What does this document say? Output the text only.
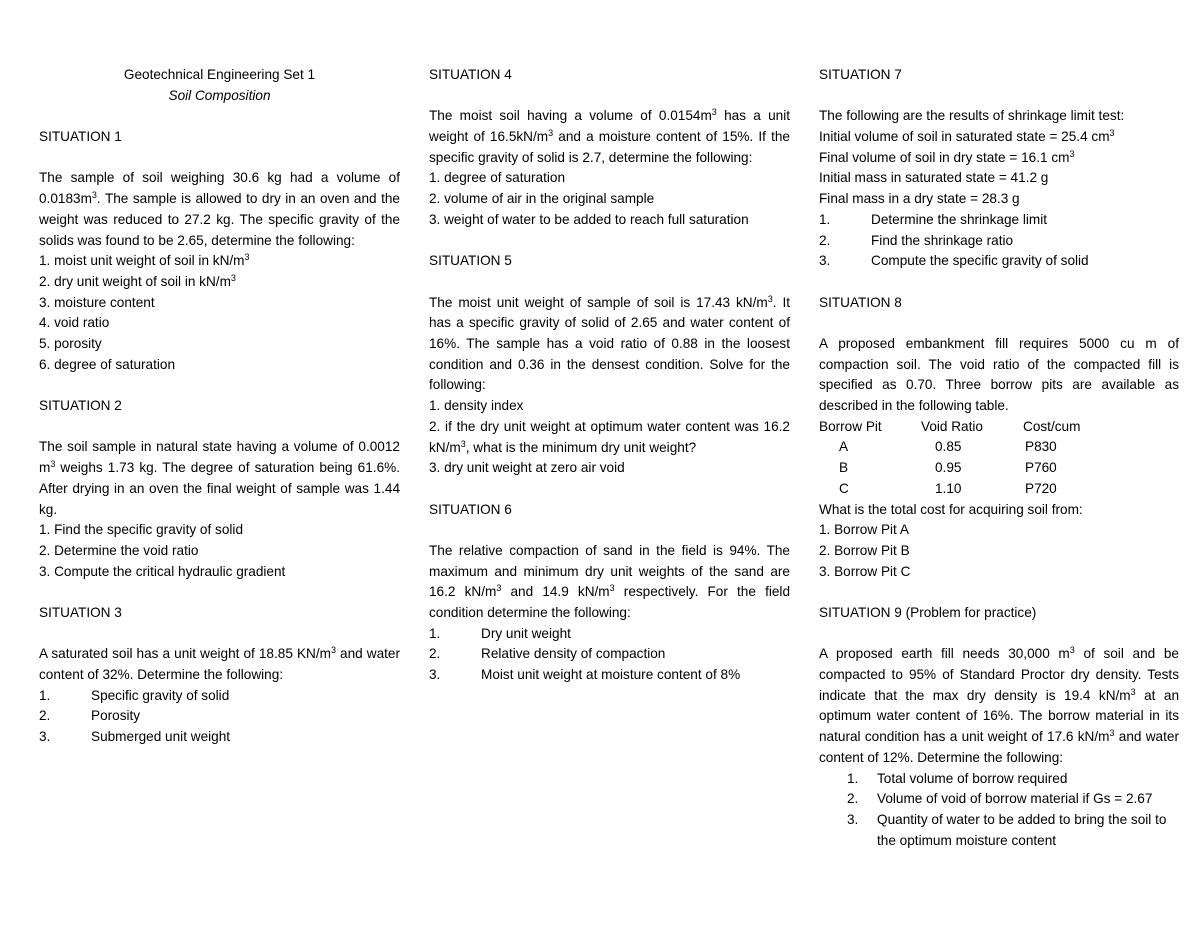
Geotechnical Engineering Set 1
Soil Composition
SITUATION 1
The sample of soil weighing 30.6 kg had a volume of $0.0183m^3$. The sample is allowed to dry in an oven and the weight was reduced to 27.2 kg. The specific gravity of the solids was found to be 2.65, determine the following:
1. moist unit weight of soil in $kN/m^3$
2. dry unit weight of soil in $kN/m^3$
3. moisture content
4. void ratio
5. porosity
6. degree of saturation
SITUATION 2
The soil sample in natural state having a volume of 0.0012 $m^3$ weighs 1.73 kg. The degree of saturation being 61.6%. After drying in an oven the final weight of sample was 1.44 kg.
1. Find the specific gravity of solid
2. Determine the void ratio
3. Compute the critical hydraulic gradient
SITUATION 3
A saturated soil has a unit weight of 18.85 $KN/m^3$ and water content of 32%. Determine the following:
1.	Specific gravity of solid
2.	Porosity
3.	Submerged unit weight
SITUATION 4
The moist soil having a volume of $0.0154m^3$ has a unit weight of $16.5kN/m^3$ and a moisture content of 15%. If the specific gravity of solid is 2.7, determine the following:
1. degree of saturation
2. volume of air in the original sample
3. weight of water to be added to reach full saturation
SITUATION 5
The moist unit weight of sample of soil is 17.43 $kN/m^3$. It has a specific gravity of solid of 2.65 and water content of 16%. The sample has a void ratio of 0.88 in the loosest condition and 0.36 in the densest condition. Solve for the following:
1. density index
2. if the dry unit weight at optimum water content was 16.2 $kN/m^3$, what is the minimum dry unit weight?
3. dry unit weight at zero air void
SITUATION 6
The relative compaction of sand in the field is 94%. The maximum and minimum dry unit weights of the sand are 16.2 $kN/m^3$ and 14.9 $kN/m^3$ respectively. For the field condition determine the following:
1.	Dry unit weight
2.	Relative density of compaction
3.	Moist unit weight at moisture content of 8%
SITUATION 7
The following are the results of shrinkage limit test:
Initial volume of soil in saturated state = 25.4 $cm^3$
Final volume of soil in dry state = 16.1 $cm^3$
Initial mass in saturated state = 41.2 g
Final mass in a dry state = 28.3 g
1.	Determine the shrinkage limit
2.	Find the shrinkage ratio
3.	Compute the specific gravity of solid
SITUATION 8
A proposed embankment fill requires 5000 cu m of compaction soil. The void ratio of the compacted fill is specified as 0.70. Three borrow pits are available as described in the following table.
Borrow Pit	Void Ratio	Cost/cum
A	0.85	P830
B	0.95	P760
C	1.10	P720
What is the total cost for acquiring soil from:
1. Borrow Pit A
2. Borrow Pit B
3. Borrow Pit C
SITUATION 9 (Problem for practice)
A proposed earth fill needs 30,000 $m^3$ of soil and be compacted to 95% of Standard Proctor dry density. Tests indicate that the max dry density is 19.4 $kN/m^3$ at an optimum water content of 16%. The borrow material in its natural condition has a unit weight of 17.6 $kN/m^3$ and water content of 12%. Determine the following:
1. Total volume of borrow required
2. Volume of void of borrow material if Gs = 2.67
3.	Quantity of water to be added to bring the soil to the optimum moisture content
